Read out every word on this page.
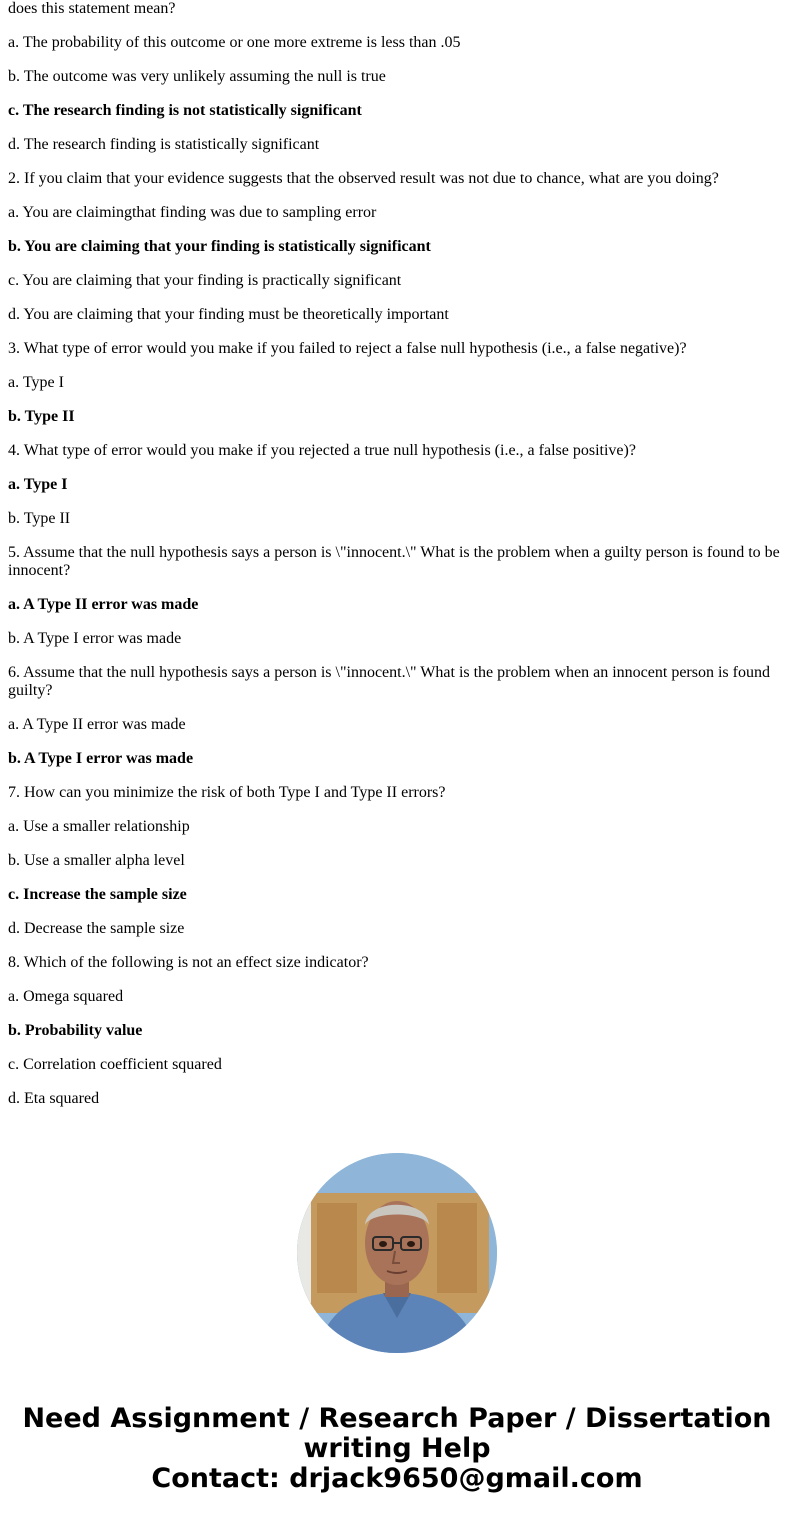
does this statement mean?

a. The probability of this outcome or one more extreme is less than .05

b. The outcome was very unlikely assuming the null is true

c. The research finding is not statistically significant

d. The research finding is statistically significant

2. If you claim that your evidence suggests that the observed result was not due to chance, what are you doing?

a. You are claimingthat finding was due to sampling error

b. You are claiming that your finding is statistically significant

c. You are claiming that your finding is practically significant

d. You are claiming that your finding must be theoretically important

3. What type of error would you make if you failed to reject a false null hypothesis (i.e., a false negative)?

a. Type I

b. Type II

4. What type of error would you make if you rejected a true null hypothesis (i.e., a false positive)?

a. Type I

b. Type II

5. Assume that the null hypothesis says a person is \"innocent.\" What is the problem when a guilty person is found to be innocent?

a. A Type II error was made

b. A Type I error was made

6. Assume that the null hypothesis says a person is \"innocent.\" What is the problem when an innocent person is found guilty?

a. A Type II error was made

b. A Type I error was made

7. How can you minimize the risk of both Type I and Type II errors?

a. Use a smaller relationship

b. Use a smaller alpha level

c. Increase the sample size

d. Decrease the sample size

8. Which of the following is not an effect size indicator?

a. Omega squared

b. Probability value

c. Correlation coefficient squared

d. Eta squared

Need Assignment / Research Paper / Dissertation
writing Help
Contact: drjack9650@gmail.com
